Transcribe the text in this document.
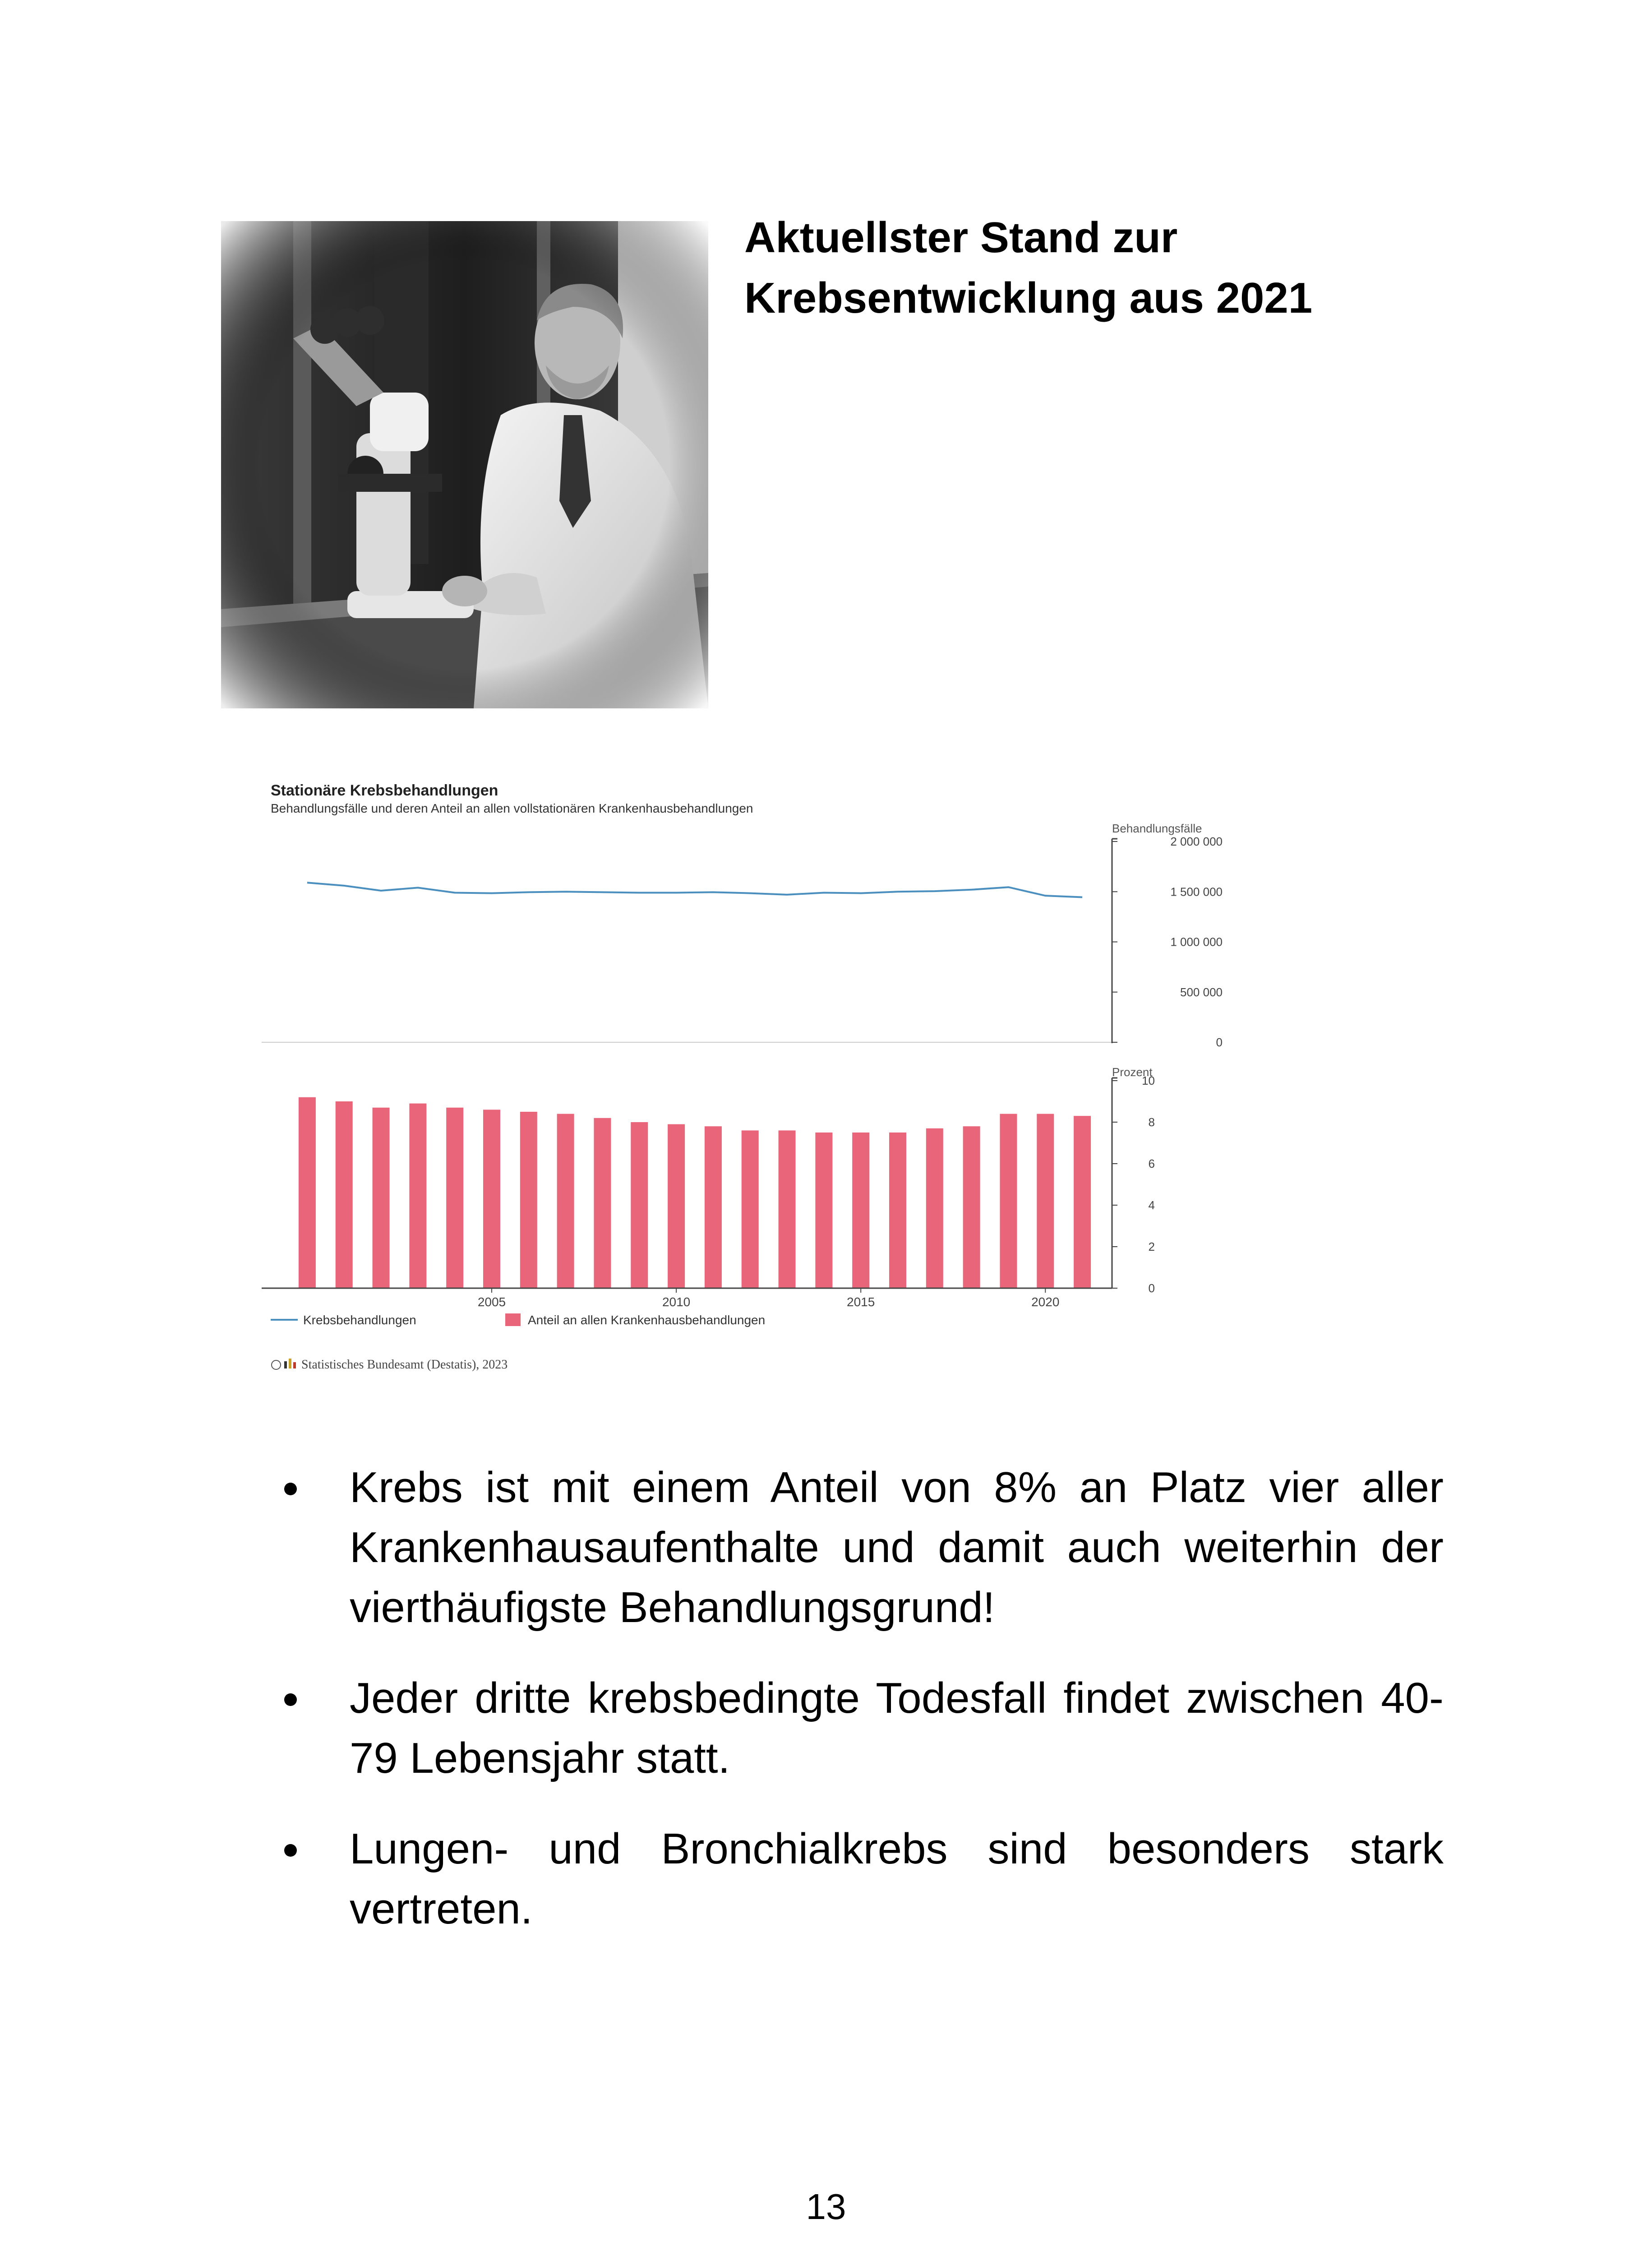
Aktuellster Stand zur
Krebsentwicklung aus 2021
Stationäre Krebsbehandlungen
Behandlungsfälle und deren Anteil an allen vollstationären Krankenhausbehandlungen
Behandlungsfälle
2 000 000
1 500 000
1 000 000
500 000
0
Prozent
10
8
6
4
2
0
2005	2010	2015	2020
Krebsbehandlungen	Anteil an allen Krankenhausbehandlungen
Statistisches Bundesamt (Destatis), 2023
Krebs ist mit einem Anteil von 8% an Platz vier aller Krankenhausaufenthalte und damit auch weiterhin der vierthäufigste Behandlungsgrund!
Jeder dritte krebsbedingte Todesfall findet zwischen 40-79 Lebensjahr statt.
Lungen- und Bronchialkrebs sind besonders stark vertreten.
13
